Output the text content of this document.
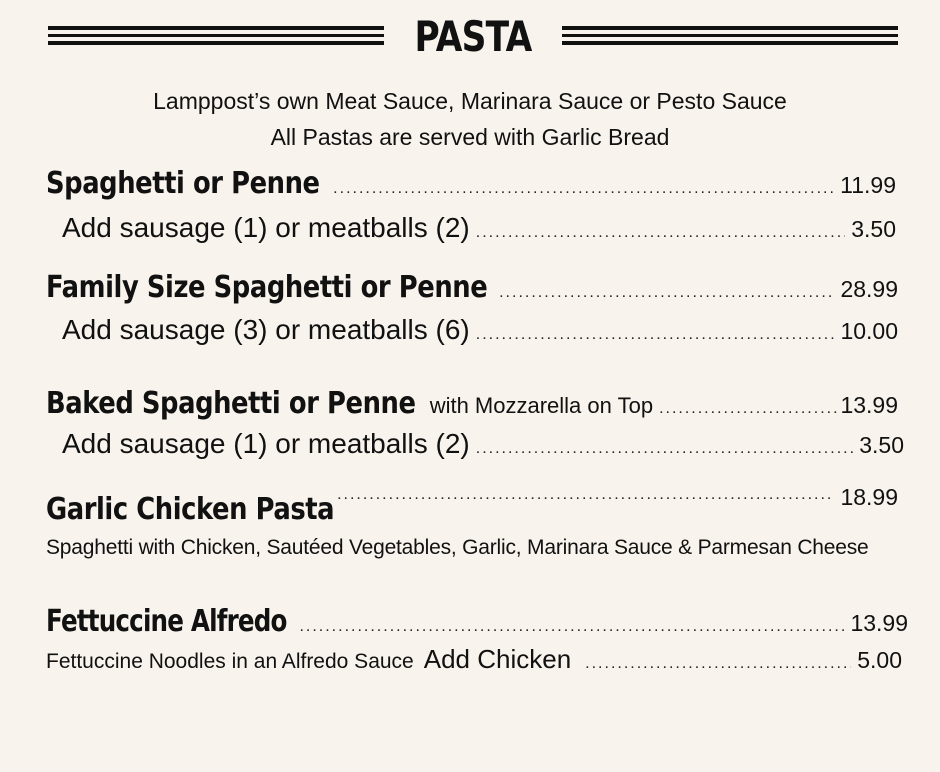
PASTA
Lamppost’s own Meat Sauce, Marinara Sauce or Pesto Sauce
All Pastas are served with Garlic Bread
Spaghetti or Penne .....	11.99
Add sausage (1) or meatballs (2) .....	3.50
Family Size Spaghetti or Penne .....	28.99
Add sausage (3) or meatballs (6) .....	10.00
Baked Spaghetti or Penne with Mozzarella on Top .....	13.99
Add sausage (1) or meatballs (2) .....	3.50
Garlic Chicken Pasta .....	18.99
Spaghetti with Chicken, Sautéed Vegetables, Garlic, Marinara Sauce & Parmesan Cheese
Fettuccine Alfredo .....	13.99
Fettuccine Noodles in an Alfredo Sauce Add Chicken .....	5.00
